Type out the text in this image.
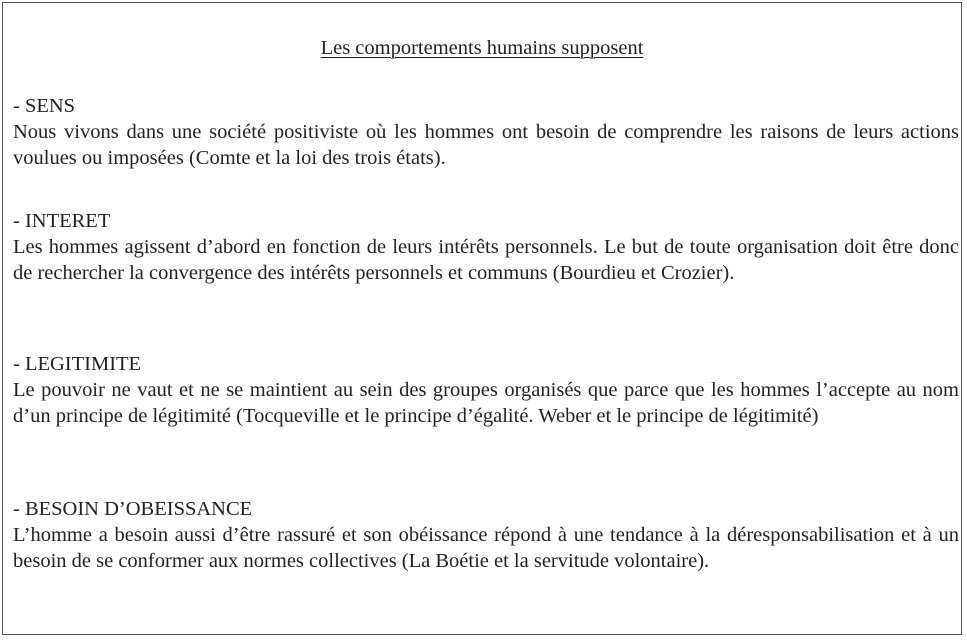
Les comportements humains supposent
- SENS
Nous vivons dans une société positiviste où les hommes ont besoin de comprendre les raisons de leurs actions voulues ou imposées (Comte et la loi des trois états).
- INTERET
Les hommes agissent d’abord en fonction de leurs intérêts personnels. Le but de toute organisation doit être donc de rechercher la convergence des intérêts personnels et communs (Bourdieu et Crozier).
- LEGITIMITE
Le pouvoir ne vaut et ne se maintient au sein des groupes organisés que parce que les hommes l’accepte au nom d’un principe de légitimité (Tocqueville et le principe d’égalité. Weber et le principe de légitimité)
- BESOIN D’OBEISSANCE
L’homme a besoin aussi d’être rassuré et son obéissance répond à une tendance à la déresponsabilisation et à un besoin de se conformer aux normes collectives (La Boétie et la servitude volontaire).
